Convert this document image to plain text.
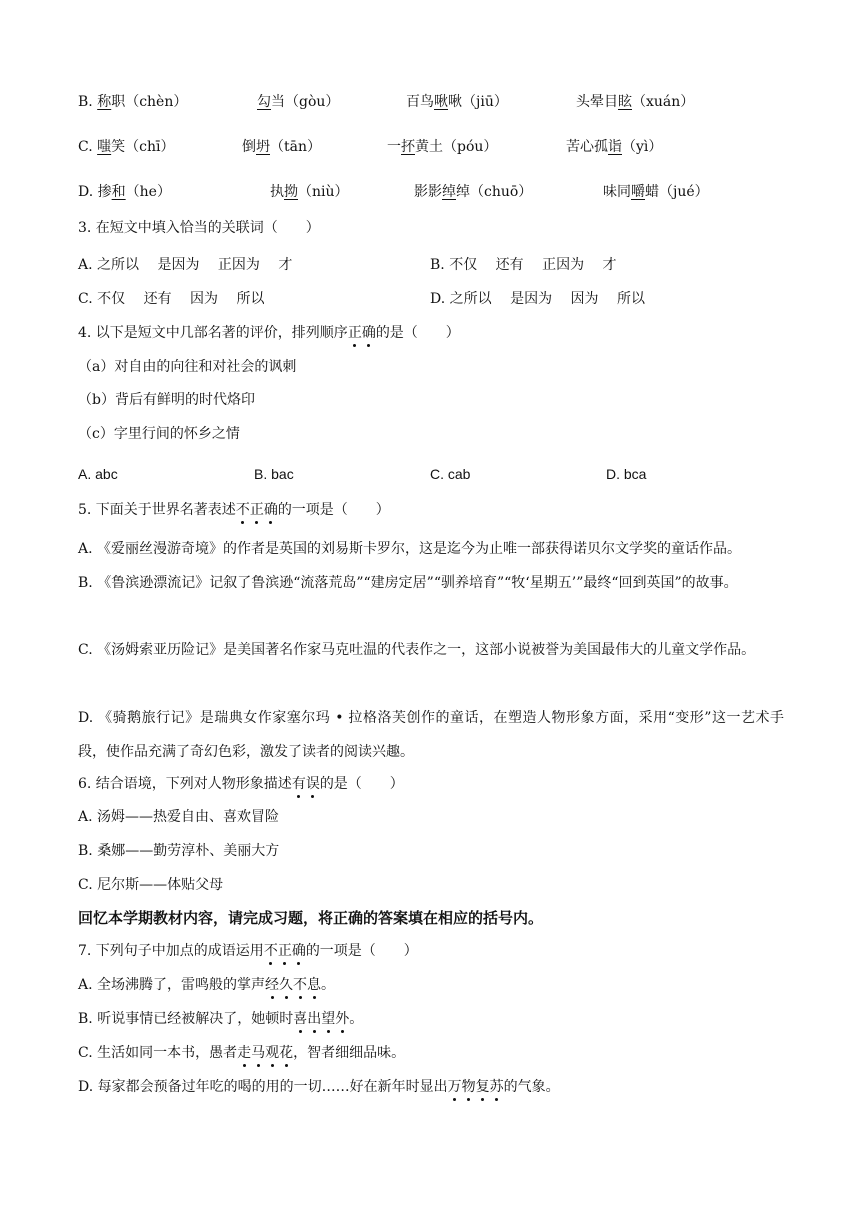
B. 称职（chèn）	勾当（gòu）	百鸟啾啾（jiū）	头晕目眩（xuán）
C. 嗤笑（chī）	倒坍（tān）	一抔黄土（póu）	苦心孤诣（yì）
D. 掺和（he）	执拗（niù）	影影绰绰（chuō）	味同嚼蜡（jué）
3. 在短文中填入恰当的关联词（　　）
A. 之所以　 是因为　 正因为　 才	B. 不仅　 还有　 正因为　 才
C. 不仅　 还有　 因为　 所以	D. 之所以　 是因为　 因为　 所以
4. 以下是短文中几部名著的评价，排列顺序正确的是（　　）
（a）对自由的向往和对社会的讽刺
（b）背后有鲜明的时代烙印
（c）字里行间的怀乡之情
A. abc	B. bac	C. cab	D. bca
5. 下面关于世界名著表述不正确的一项是（　　）
A. 《爱丽丝漫游奇境》的作者是英国的刘易斯卡罗尔，这是迄今为止唯一部获得诺贝尔文学奖的童话作品。
B. 《鲁滨逊漂流记》记叙了鲁滨逊“流落荒岛”“建房定居”“驯养培育”“牧‘星期五’”最终“回到英国”的故事。
C. 《汤姆索亚历险记》是美国著名作家马克吐温的代表作之一，这部小说被誉为美国最伟大的儿童文学作品。
D. 《骑鹅旅行记》是瑞典女作家塞尔玛 • 拉格洛芙创作的童话，在塑造人物形象方面，采用“变形”这一艺术手段，使作品充满了奇幻色彩，激发了读者的阅读兴趣。
6. 结合语境，下列对人物形象描述有误的是（　　）
A. 汤姆——热爱自由、喜欢冒险
B. 桑娜——勤劳淳朴、美丽大方
C. 尼尔斯——体贴父母
回忆本学期教材内容，请完成习题，将正确的答案填在相应的括号内。
7. 下列句子中加点的成语运用不正确的一项是（　　）
A. 全场沸腾了，雷鸣般的掌声经久不息。
B. 听说事情已经被解决了，她顿时喜出望外。
C. 生活如同一本书，愚者走马观花，智者细细品味。
D. 每家都会预备过年吃的喝的用的一切……好在新年时显出万物复苏的气象。
